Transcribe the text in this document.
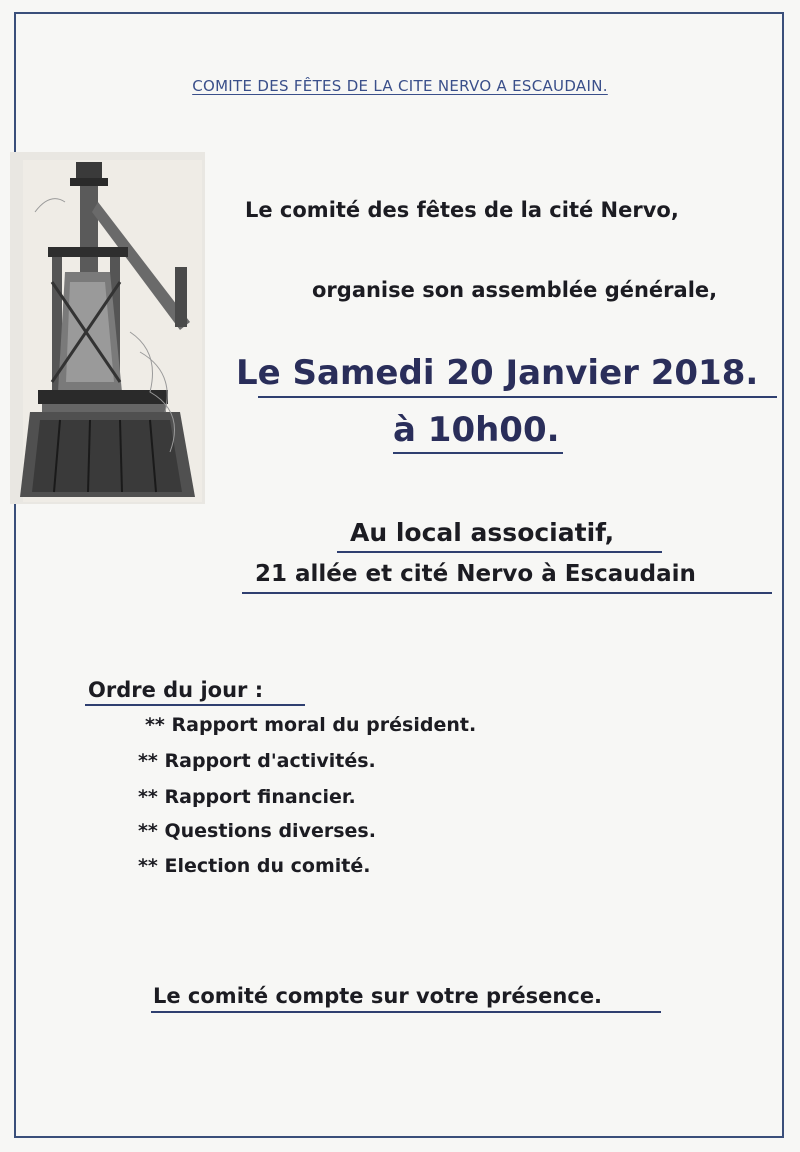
COMITE DES FÊTES DE LA CITE NERVO A ESCAUDAIN.
Le comité des fêtes de la cité Nervo,
organise son assemblée générale,
Le Samedi 20 Janvier 2018.
à 10h00.
Au local associatif,
21 allée et cité Nervo à Escaudain
Ordre du jour :
** Rapport moral du président.
** Rapport d'activités.
** Rapport financier.
** Questions diverses.
** Election du comité.
Le comité compte sur votre présence.
